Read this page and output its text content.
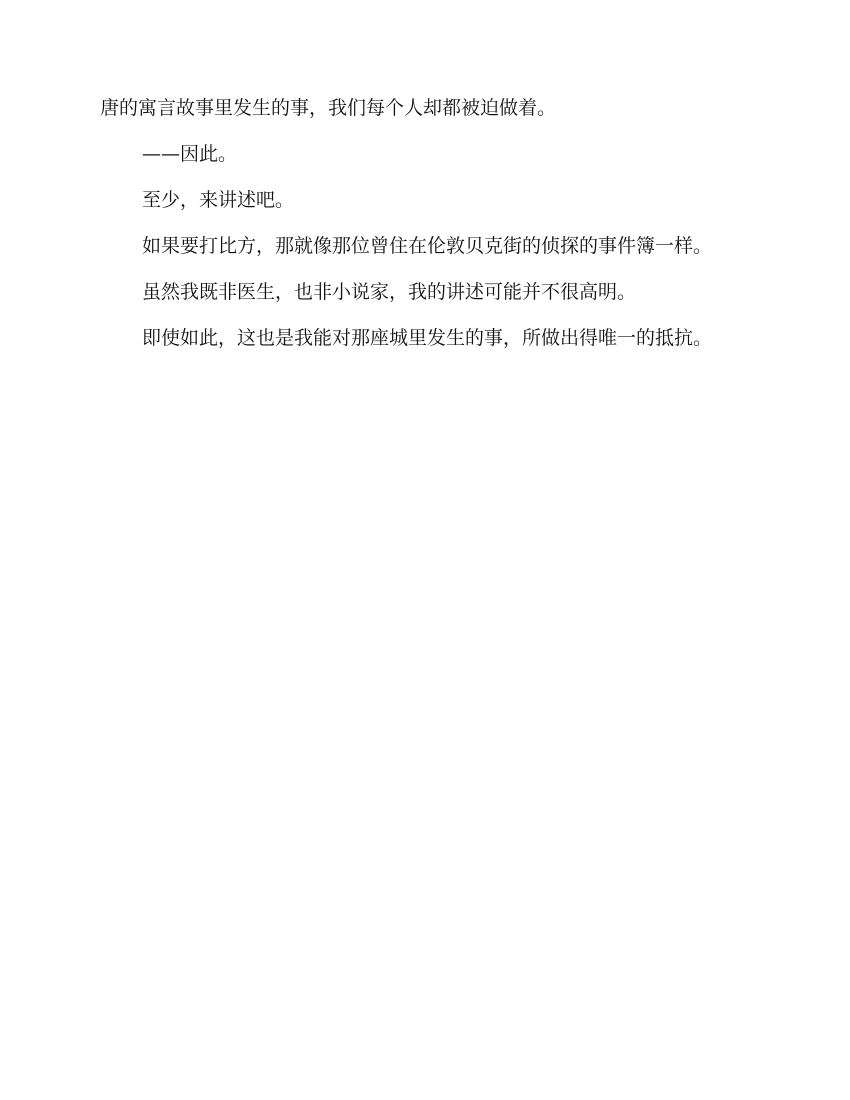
唐的寓言故事里发生的事，我们每个人却都被迫做着。

——因此。

至少，来讲述吧。

如果要打比方，那就像那位曾住在伦敦贝克街的侦探的事件簿一样。

虽然我既非医生，也非小说家，我的讲述可能并不很高明。

即使如此，这也是我能对那座城里发生的事，所做出得唯一的抵抗。
